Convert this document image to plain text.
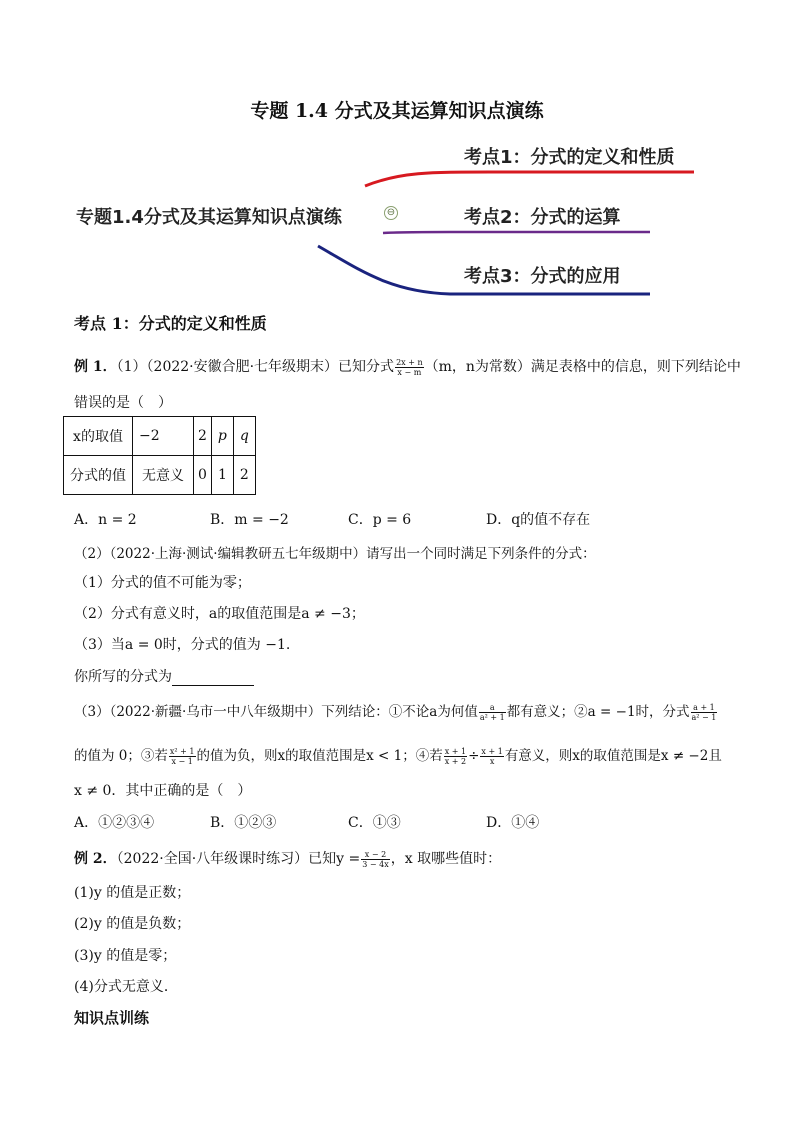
专题 1.4 分式及其运算知识点演练
专题1.4分式及其运算知识点演练	⊖
考点1：分式的定义和性质
考点2：分式的运算
考点3：分式的应用
考点 1：分式的定义和性质
例 1．（1）（2022·安徽合肥·七年级期末）已知分式 $\frac{2x + n}{x - m} (m$，n为常数）满足表格中的信息，则下列结论中
错误的是（　）
x的取值	−2	2	p	q
分式的值	无意义	0	1	2
A．n = 2	B．m = −2	C．p = 6	D．q的值不存在
（2）（2022·上海·测试·编辑教研五七年级期中）请写出一个同时满足下列条件的分式：
（1）分式的值不可能为零；
（2）分式有意义时，a的取值范围是a ≠ −3；
（3）当a = 0时，分式的值为 −1.
你所写的分式为
（3）（2022·新疆·乌市一中八年级期中）下列结论：①不论a为何值 $\frac{a}{\text{a² + 1}}$ 都有意义；②a = −1时，分式 $\frac{a + 1}{\text{a² − 1}}$
的值为 0；③若 $\frac{\text{x² + 1}}{x - 1}$ 的值为负，则x的取值范围是x < 1；④若 $\frac{x + 1}{x + 2} \div \frac{x + 1}{x}$ 有意义，则x的取值范围是x ≠ −2且
x ≠ 0．其中正确的是（　）
A．①②③④	B．①②③	C．①③	D．①④
例 2．（2022·全国·八年级课时练习）已知$y = \frac{x - 2}{3 - 4x}$ ，x 取哪些值时：
(1)y 的值是正数；
(2)y 的值是负数；
(3)y 的值是零；
(4)分式无意义．
知识点训练
